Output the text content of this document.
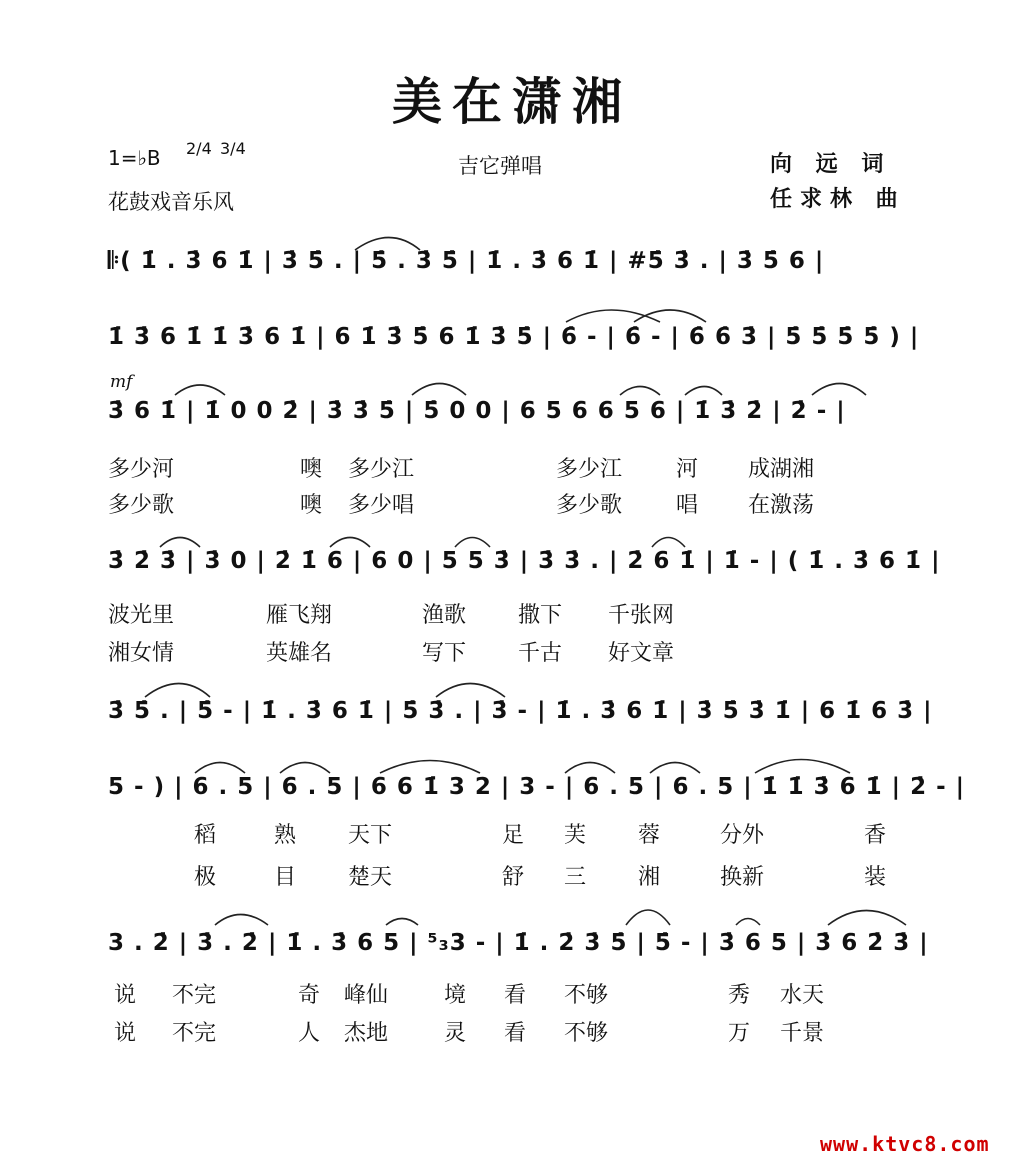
美在潇湘
1=♭B 2/4 3/4
吉它弹唱	向 远 词
花鼓戏音乐风	任求林 曲
𝄆( 1̇ . 3̇ 6 1̇ | 3̇ 5̇ . | 5̇ . 3̇ 5̇ | 1̇ . 3̇ 6 1̇ | #5̇ 3̇ . | 3̇ 5̇ 6 |
1̇ 3̇ 6 1̇ 1̇ 3̇ 6 1̇ | 6 1̇ 3̇ 5̇ 6 1̇ 3̇ 5̇ | 6̇ - | 6̇ - | 6̇ 6̇ 3̇ | 5̇ 5̇ 5̇ 5̇ ) |
mf
3̇ 6 1̇ | 1̇ 0 0 2̇ | 3̇ 3̇ 5̇ | 5̇ 0 0 | 6 5 6 6 5 6 | 1̇ 3̇ 2̇ | 2̇ - |
多少河	噢 多少江	多少江 河 成湖湘
多少歌	噢 多少唱	多少歌 唱 在激荡
3̇ 2̇ 3̇ | 3̇ 0 | 2̇ 1̇ 6 | 6 0 | 5 5 3̇ | 3̇ 3̇ . | 2̇ 6 1̇ | 1̇ - | ( 1̇ . 3̇ 6 1̇ |
波光里	雁飞翔	渔歌 撒下 千张网
湘女情	英雄名	写下 千古 好文章
3̇ 5̇ . | 5̇ - | 1̇ . 3̇ 6 1̇ | 5̇ 3̇ . | 3̇ - | 1̇ . 3̇ 6 1̇ | 3̇ 5̇ 3̇ 1̇ | 6 1̇ 6 3̇ |
5 - ) | 6 . 5 | 6 . 5 | 6 6 1̇ 3 2 | 3 - | 6 . 5 | 6 . 5 | 1̇ 1̇ 3̇ 6 1̇ | 2̇ - |
稻	熟 天下	足 芙 蓉	分外	香
极	目 楚天	舒 三 湘	换新	装
3 . 2̇ | 3̇ . 2̇ | 1̇ . 3̇ 6 5 | ⁵₃3 - | 1̇ . 2̇ 3̇ 5̇ | 5̇ - | 3̇ 6 5 | 3̇ 6 2̇ 3̇ |
说 不完	奇 峰仙	境 看 不够	秀 水天
说 不完	人 杰地	灵 看 不够	万 千景
www.ktvc8.com
